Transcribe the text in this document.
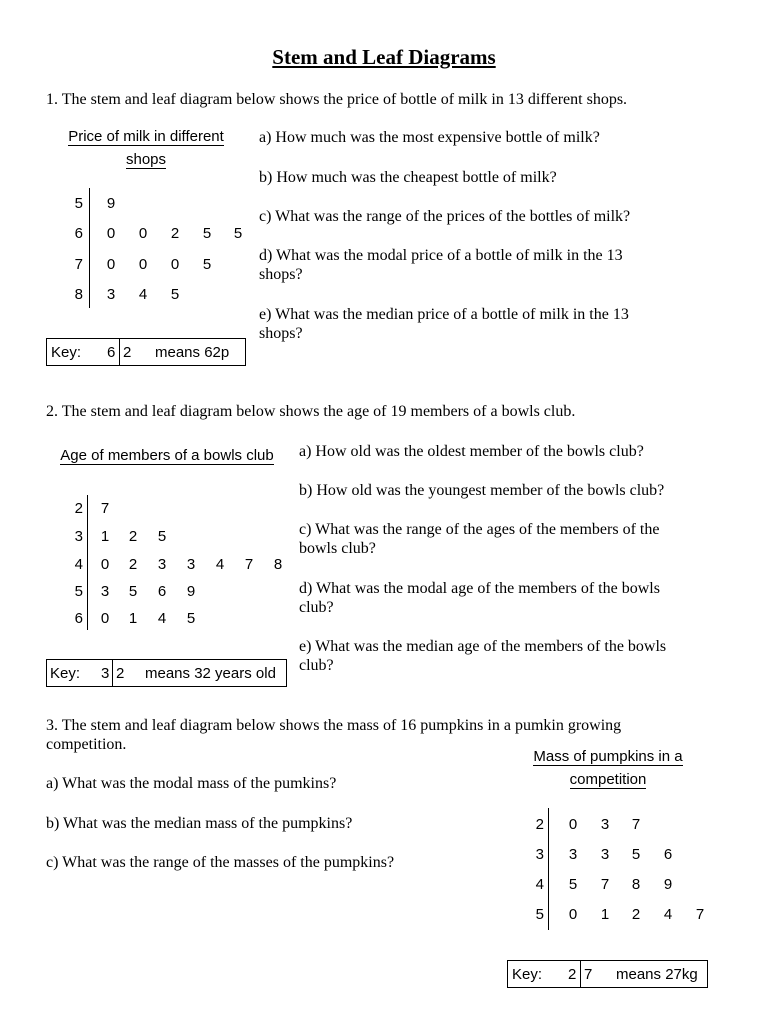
Stem and Leaf Diagrams
1. The stem and leaf diagram below shows the price of bottle of milk in 13 different shops.
Price of milk in different
shops
5	9
6	0	0	2	5	5
7	0	0	0	5
8	3	4	5
Key: 6 2 means 62p
a) How much was the most expensive bottle of milk?
b) How much was the cheapest bottle of milk?
c) What was the range of the prices of the bottles of milk?
d) What was the modal price of a bottle of milk in the 13
shops?
e) What was the median price of a bottle of milk in the 13
shops?
2. The stem and leaf diagram below shows the age of 19 members of a bowls club.
Age of members of a bowls club
2	7
3	1	2	5
4	0	2	3	3	4	7	8
5	3	5	6	9
6	0	1	4	5
Key: 3 2 means 32 years old
a) How old was the oldest member of the bowls club?
b) How old was the youngest member of the bowls club?
c) What was the range of the ages of the members of the
bowls club?
d) What was the modal age of the members of the bowls
club?
e) What was the median age of the members of the bowls
club?
3. The stem and leaf diagram below shows the mass of 16 pumpkins in a pumkin growing
competition.
Mass of pumpkins in a
competition
a) What was the modal mass of the pumkins?
b) What was the median mass of the pumpkins?
c) What was the range of the masses of the pumpkins?
2	0	3	7
3	3	3	5	6
4	5	7	8	9
5	0	1	2	4	7
Key: 2 7 means 27kg
